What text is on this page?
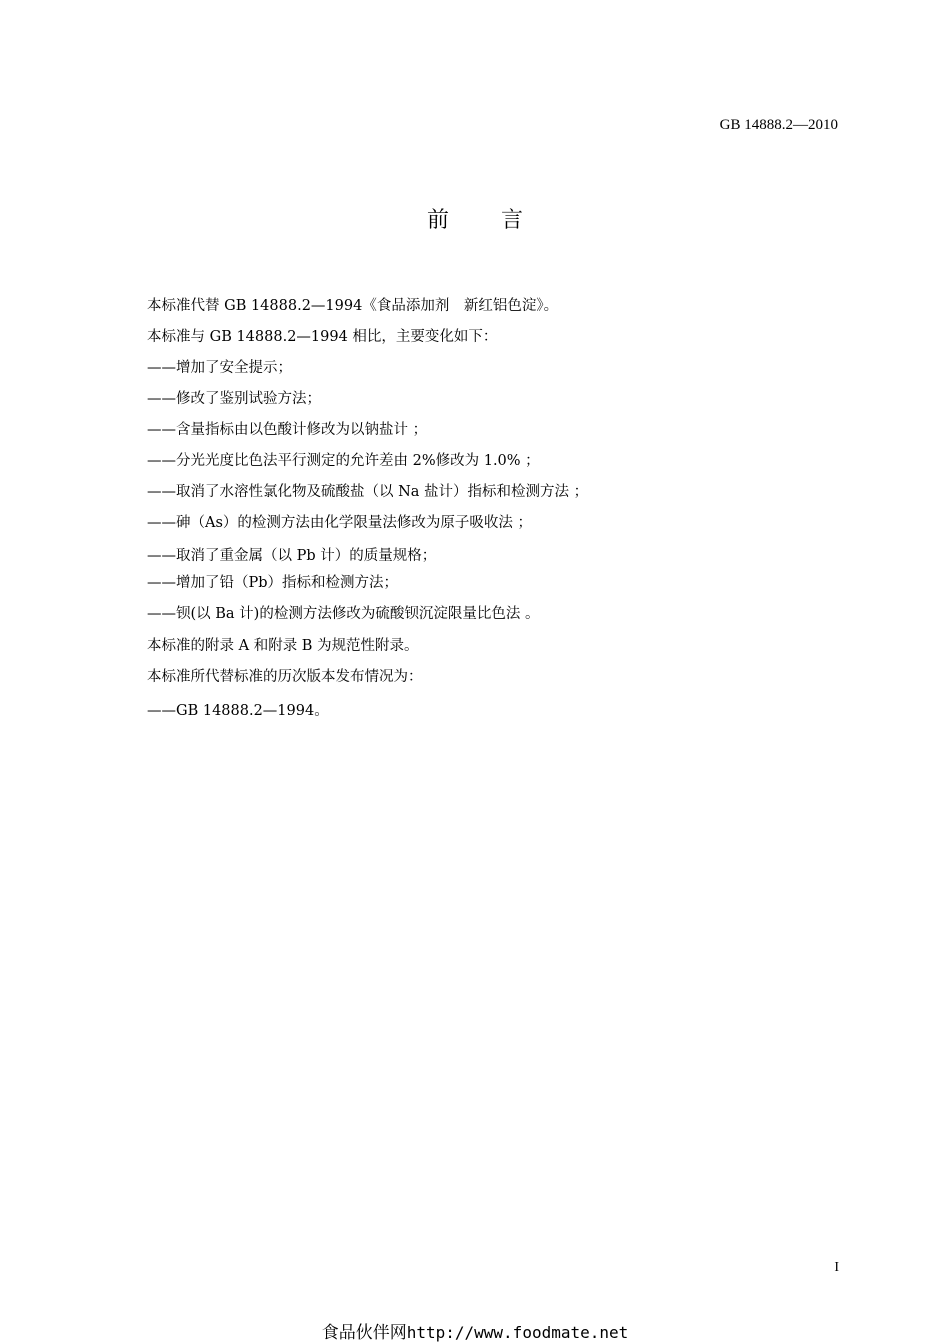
GB 14888.2—2010
前 言
本标准代替 GB 14888.2—1994《食品添加剂　新红铝色淀》。
本标准与 GB 14888.2—1994 相比，主要变化如下：
——增加了安全提示；
——修改了鉴别试验方法；
——含量指标由以色酸计修改为以钠盐计 ；
——分光光度比色法平行测定的允许差由 2%修改为 1.0% ；
——取消了水溶性氯化物及硫酸盐（以 Na 盐计）指标和检测方法 ；
——砷（As）的检测方法由化学限量法修改为原子吸收法 ；
——取消了重金属（以 Pb 计）的质量规格；
——增加了铅（Pb）指标和检测方法；
——钡(以 Ba 计)的检测方法修改为硫酸钡沉淀限量比色法 。
本标准的附录 A 和附录 B 为规范性附录。
本标准所代替标准的历次版本发布情况为：
——GB 14888.2—1994。
I
食品伙伴网http://www.foodmate.net
